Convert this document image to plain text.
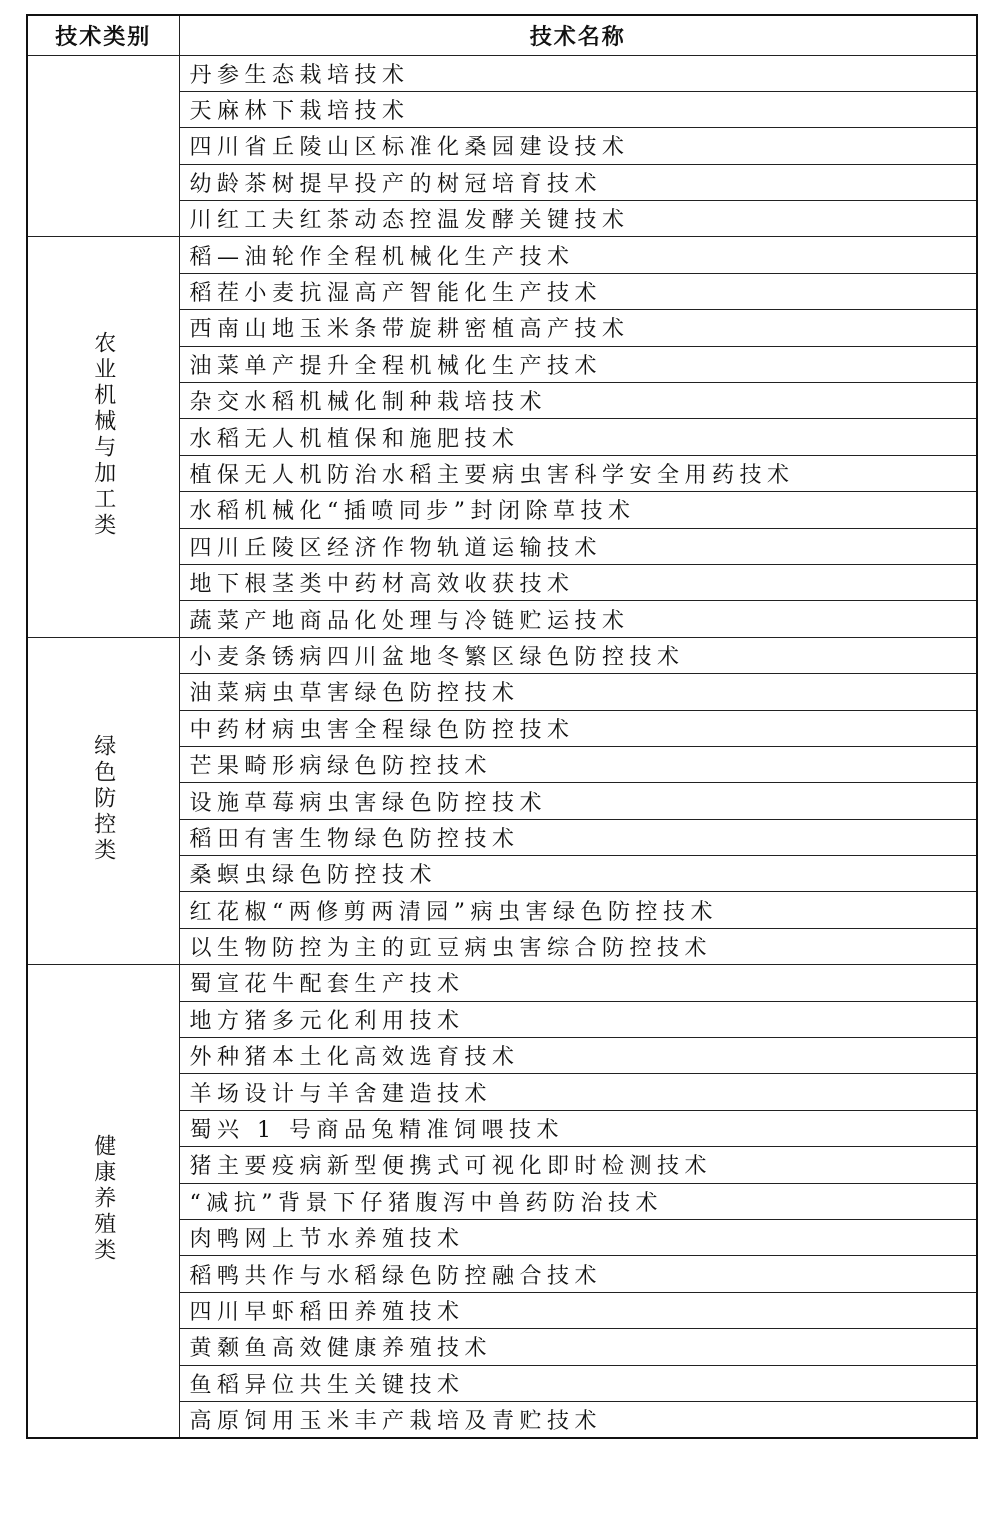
技术类别	技术名称
	丹参生态栽培技术
	天麻林下栽培技术
	四川省丘陵山区标准化桑园建设技术
	幼龄茶树提早投产的树冠培育技术
	川红工夫红茶动态控温发酵关键技术
农业机械与加工类	稻—油轮作全程机械化生产技术
	稻茬小麦抗湿高产智能化生产技术
	西南山地玉米条带旋耕密植高产技术
	油菜单产提升全程机械化生产技术
	杂交水稻机械化制种栽培技术
	水稻无人机植保和施肥技术
	植保无人机防治水稻主要病虫害科学安全用药技术
	水稻机械化“插喷同步”封闭除草技术
	四川丘陵区经济作物轨道运输技术
	地下根茎类中药材高效收获技术
	蔬菜产地商品化处理与冷链贮运技术
绿色防控类	小麦条锈病四川盆地冬繁区绿色防控技术
	油菜病虫草害绿色防控技术
	中药材病虫害全程绿色防控技术
	芒果畸形病绿色防控技术
	设施草莓病虫害绿色防控技术
	稻田有害生物绿色防控技术
	桑螟虫绿色防控技术
	红花椒“两修剪两清园”病虫害绿色防控技术
	以生物防控为主的豇豆病虫害综合防控技术
健康养殖类	蜀宣花牛配套生产技术
	地方猪多元化利用技术
	外种猪本土化高效选育技术
	羊场设计与羊舍建造技术
	蜀兴 1 号商品兔精准饲喂技术
	猪主要疫病新型便携式可视化即时检测技术
	“减抗”背景下仔猪腹泻中兽药防治技术
	肉鸭网上节水养殖技术
	稻鸭共作与水稻绿色防控融合技术
	四川早虾稻田养殖技术
	黄颡鱼高效健康养殖技术
	鱼稻异位共生关键技术
	高原饲用玉米丰产栽培及青贮技术
